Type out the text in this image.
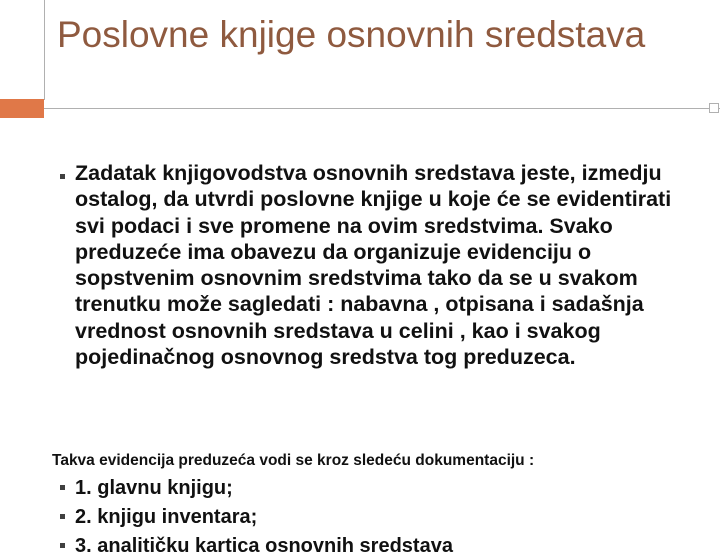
Poslovne knjige osnovnih sredstava

Zadatak knjigovodstva osnovnih sredstava jeste, izmedju ostalog, da utvrdi poslovne knjige u koje će se evidentirati svi podaci i sve promene na ovim sredstvima. Svako preduzeće ima obavezu da organizuje evidenciju o sopstvenim osnovnim sredstvima tako da se u svakom trenutku može sagledati : nabavna , otpisana i sadašnja vrednost osnovnih sredstava u celini , kao i svakog pojedinačnog osnovnog sredstva tog preduzeca.

Takva evidencija preduzeća vodi se kroz sledeću dokumentaciju :

1. glavnu knjigu;

2. knjigu inventara;

3. analitičku kartica osnovnih sredstava
